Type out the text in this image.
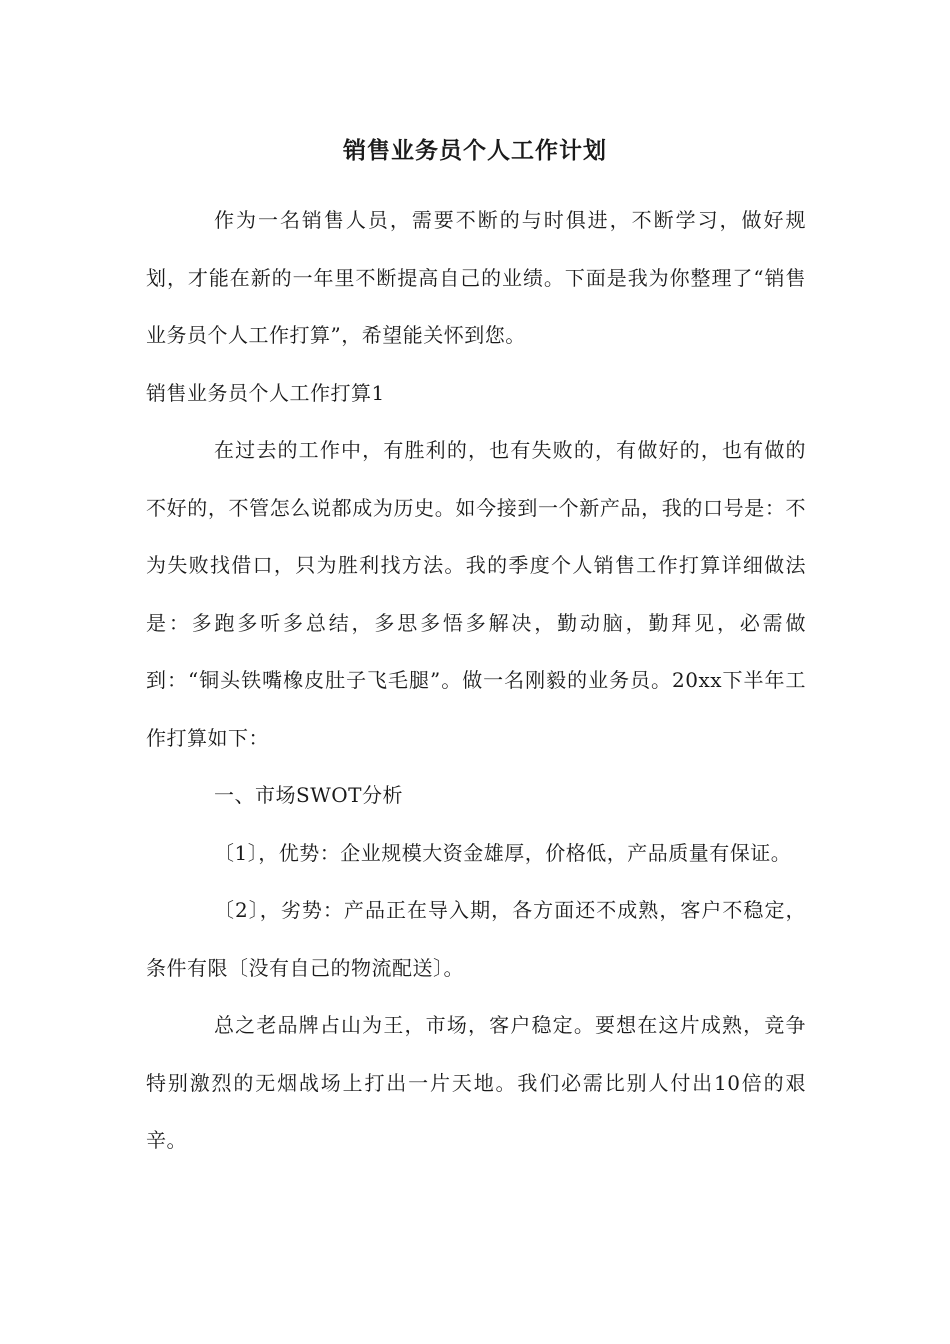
销售业务员个人工作计划

作为一名销售人员，需要不断的与时俱进，不断学习，做好规划，才能在新的一年里不断提高自己的业绩。下面是我为你整理了“销售业务员个人工作打算”，希望能关怀到您。

销售业务员个人工作打算1

在过去的工作中，有胜利的，也有失败的，有做好的，也有做的不好的，不管怎么说都成为历史。如今接到一个新产品，我的口号是：不为失败找借口，只为胜利找方法。我的季度个人销售工作打算详细做法是：多跑多听多总结，多思多悟多解决，勤动脑，勤拜见，必需做到：“铜头铁嘴橡皮肚子飞毛腿”。做一名刚毅的业务员。20xx下半年工作打算如下：

一、市场SWOT分析

〔1〕，优势：企业规模大资金雄厚，价格低，产品质量有保证。

〔2〕，劣势：产品正在导入期，各方面还不成熟，客户不稳定，条件有限〔没有自己的物流配送〕。

总之老品牌占山为王，市场，客户稳定。要想在这片成熟，竞争特别激烈的无烟战场上打出一片天地。我们必需比别人付出10倍的艰辛。
